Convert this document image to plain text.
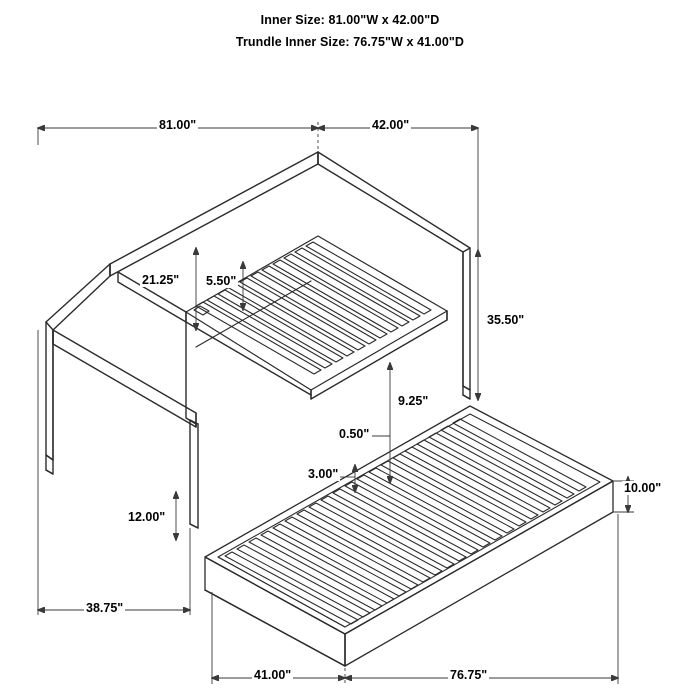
Inner Size: 81.00"W x 42.00"D
Trundle Inner Size: 76.75"W x 41.00"D
81.00"	42.00"
21.25" 5.50"
35.50"
9.25"
0.50"
3.00"
10.00"
12.00"
38.75"
41.00"	76.75"
